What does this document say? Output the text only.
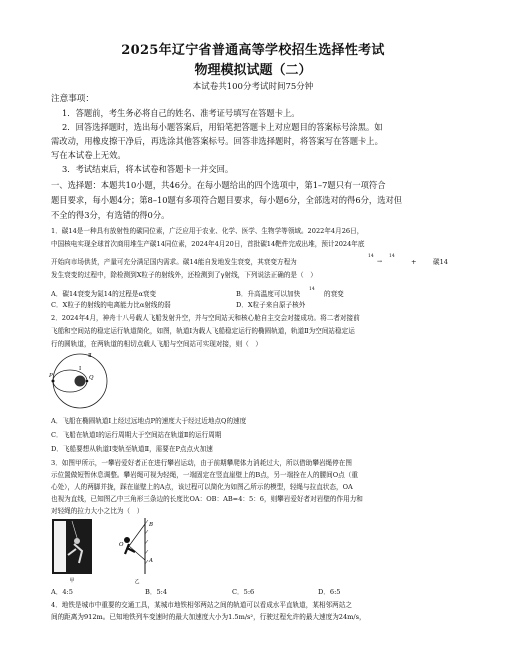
2025年辽宁省普通高等学校招生选择性考试
物理模拟试题（二）
本试卷共100分考试时间75分钟
注意事项：
1．答题前，考生务必将自己的姓名、准考证号填写在答题卡上。
2．回答选择题时，选出每小题答案后，用铅笔把答题卡上对应题目的答案标号涂黑。如
需改动，用橡皮擦干净后，再选涂其他答案标号。回答非选择题时，将答案写在答题卡上。
写在本试卷上无效。
3．考试结束后，将本试卷和答题卡一并交回。
一、选择题：本题共10小题，共46分。在每小题给出的四个选项中，第1–7题只有一项符合
题目要求，每小题4分；第8–10题有多项符合题目要求，每小题6分，全部选对的得6分，选对但
不全的得3分，有选错的得0分。
1．碳14是一种具有放射性的碳同位素，广泛应用于农业、化学、医学、生物学等领域。2022年4月26日，
中国核电实现全球首次商用堆生产碳14同位素，2024年4月20日，首批碳14靶件完成出堆，预计2024年底
开始向市场供货，产量可充分满足国内需求。碳14能自发地发生衰变，其衰变方程为
14
→
14
+ 碳14
发生衰变的过程中，除检测到X粒子的射线外，还检测到了γ射线，下列说法正确的是（　）
A．碳14衰变为氮14的过程是α衰变	B．升高温度可以加快
14
的衰变
C．X粒子的射线的电离能力比α射线的弱	D．X粒子来自原子核外
2．2024年4月，神舟十八号载人飞船发射升空，并与空间站天和核心舱自主交会对接成功。将二者对接前
飞船和空间站的稳定运行轨道简化，如图，轨道Ⅰ为载人飞船稳定运行的椭圆轨道，轨道Ⅱ为空间站稳定运
行的圆轨道，在两轨道的相切点载人飞船与空间站可实现对接，则（　）
Ⅱ
Ⅰ
P	Q
A．飞船在椭圆轨道I上经过远地点P的速度大于经过近地点Q的速度
C．飞船在轨道I的运行周期大于空间站在轨道Ⅱ的运行周期
D．飞船要想从轨道Ⅰ变轨至轨道Ⅱ，需要在P点点火加速
3．如图甲所示，一攀岩爱好者正在进行攀岩运动，由于前期攀爬体力消耗过大，所以借助攀岩绳停在图
示位置做短暂休息调整。攀岩绳可视为轻绳，一端固定在竖直崖壁上的B点，另一端拴在人的腰间O点（重
心处），人的两脚并拢，踩在崖壁上的A点，该过程可以简化为如图乙所示的模型，轻绳与拉直状态，OA
也视为直线，已知图乙中三角形三条边的长度比OA：OB：AB=4：5：6，则攀岩爱好者对岩壁的作用力和
对轻绳的拉力大小之比为（　）
甲
B
O
A
乙
A．4:5	B．5:4	C．5:6	D．6:5
4．地铁是城市中重要的交通工具，某城市地铁相邻两站之间的轨道可以看成水平直轨道，某相邻两站之
间的距离为912m。已知地铁列车变速时的最大加速度大小为1.5m/s²，行驶过程允许的最大速度为24m/s，
